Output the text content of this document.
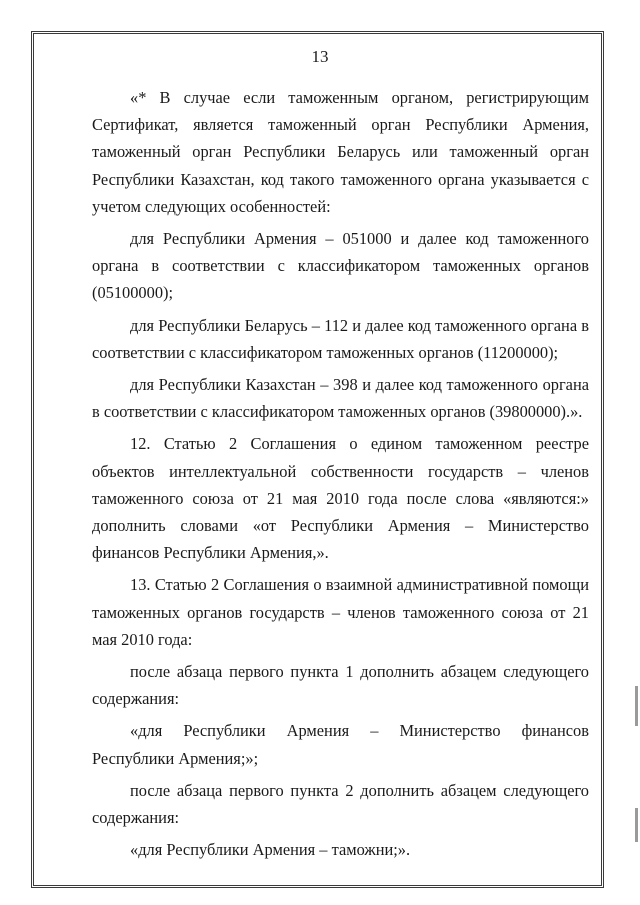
13

«* В случае если таможенным органом, регистрирующим Сертификат, является таможенный орган Республики Армения, таможенный орган Республики Беларусь или таможенный орган Республики Казахстан, код такого таможенного органа указывается с учетом следующих особенностей:

для Республики Армения – 051000 и далее код таможенного органа в соответствии с классификатором таможенных органов (05100000);

для Республики Беларусь – 112 и далее код таможенного органа в соответствии с классификатором таможенных органов (11200000);

для Республики Казахстан – 398 и далее код таможенного органа в соответствии с классификатором таможенных органов (39800000).».

12. Статью 2 Соглашения о едином таможенном реестре объектов интеллектуальной собственности государств – членов таможенного союза от 21 мая 2010 года после слова «являются:» дополнить словами «от Республики Армения – Министерство финансов Республики Армения,».

13. Статью 2 Соглашения о взаимной административной помощи таможенных органов государств – членов таможенного союза от 21 мая 2010 года:

после абзаца первого пункта 1 дополнить абзацем следующего содержания:

«для Республики Армения – Министерство финансов Республики Армения;»;

после абзаца первого пункта 2 дополнить абзацем следующего содержания:

«для Республики Армения – таможни;».
